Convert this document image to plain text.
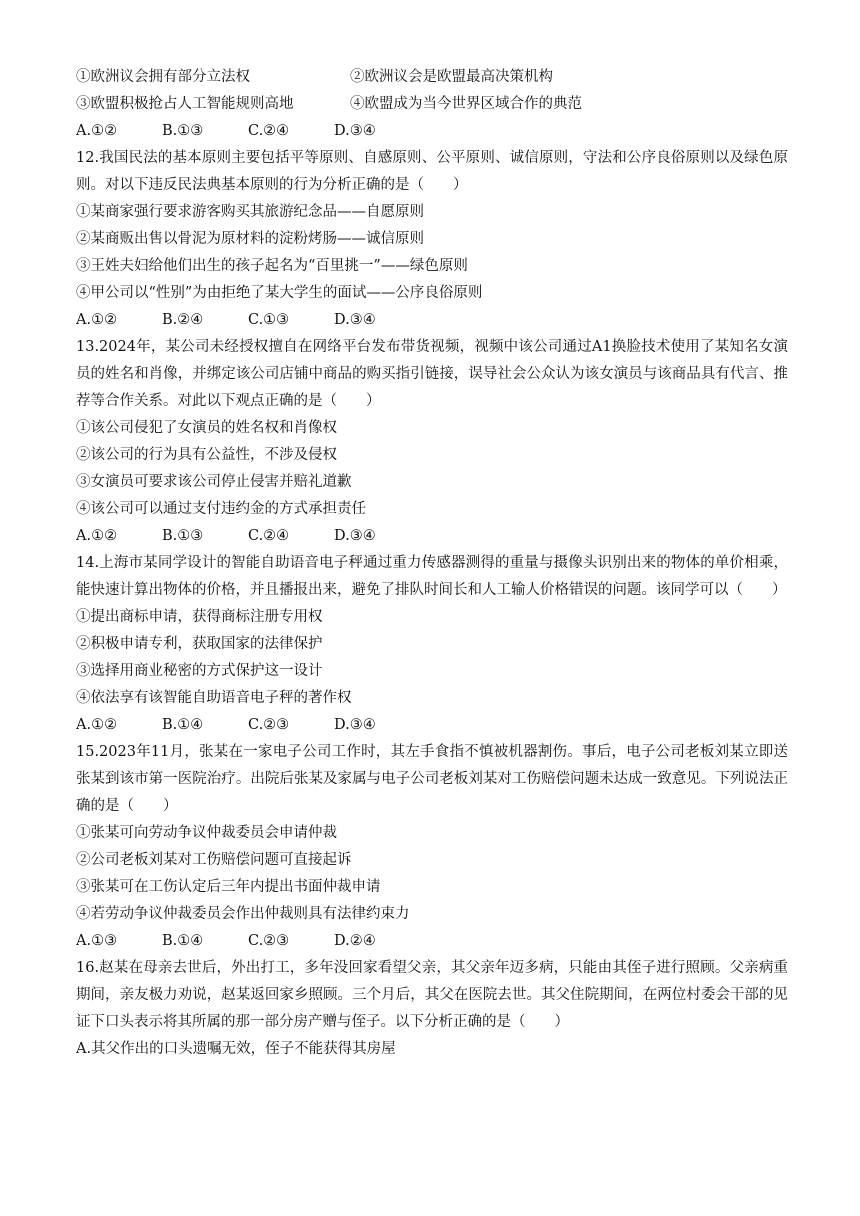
①欧洲议会拥有部分立法权	②欧洲议会是欧盟最高决策机构
③欧盟积极抢占人工智能规则高地	④欧盟成为当今世界区域合作的典范
A.①②	B.①③	C.②④	D.③④
12.我国民法的基本原则主要包括平等原则、自感原则、公平原则、诚信原则，守法和公序良俗原则以及绿色原则。对以下违反民法典基本原则的行为分析正确的是（　　）
①某商家强行要求游客购买其旅游纪念品——自愿原则
②某商贩出售以骨泥为原材料的淀粉烤肠——诚信原则
③王姓夫妇给他们出生的孩子起名为“百里挑一”——绿色原则
④甲公司以“性别”为由拒绝了某大学生的面试——公序良俗原则
A.①②	B.②④	C.①③	D.③④
13.2024年，某公司未经授权擅自在网络平台发布带货视频，视频中该公司通过A1换脸技术使用了某知名女演员的姓名和肖像，并绑定该公司店铺中商品的购买指引链接，误导社会公众认为该女演员与该商品具有代言、推荐等合作关系。对此以下观点正确的是（　　）
①该公司侵犯了女演员的姓名权和肖像权
②该公司的行为具有公益性，不涉及侵权
③女演员可要求该公司停止侵害并赔礼道歉
④该公司可以通过支付违约金的方式承担责任
A.①②	B.①③	C.②④	D.③④
14.上海市某同学设计的智能自助语音电子秤通过重力传感器测得的重量与摄像头识别出来的物体的单价相乘，能快速计算出物体的价格，并且播报出来，避免了排队时间长和人工输人价格错误的问题。该同学可以（　　）
①提出商标申请，获得商标注册专用权
②积极申请专利，获取国家的法律保护
③选择用商业秘密的方式保护这一设计
④依法享有该智能自助语音电子秤的著作权
A.①②	B.①④	C.②③	D.③④
15.2023年11月，张某在一家电子公司工作时，其左手食指不慎被机器割伤。事后，电子公司老板刘某立即送张某到该市第一医院治疗。出院后张某及家属与电子公司老板刘某对工伤赔偿问题未达成一致意见。下列说法正确的是（　　）
①张某可向劳动争议仲裁委员会申请仲裁
②公司老板刘某对工伤赔偿问题可直接起诉
③张某可在工伤认定后三年内提出书面仲裁申请
④若劳动争议仲裁委员会作出仲裁则具有法律约束力
A.①③	B.①④	C.②③	D.②④
16.赵某在母亲去世后，外出打工，多年没回家看望父亲，其父亲年迈多病，只能由其侄子进行照顾。父亲病重期间，亲友极力劝说，赵某返回家乡照顾。三个月后，其父在医院去世。其父住院期间，在两位村委会干部的见证下口头表示将其所属的那一部分房产赠与侄子。以下分析正确的是（　　）
A.其父作出的口头遗嘱无效，侄子不能获得其房屋
